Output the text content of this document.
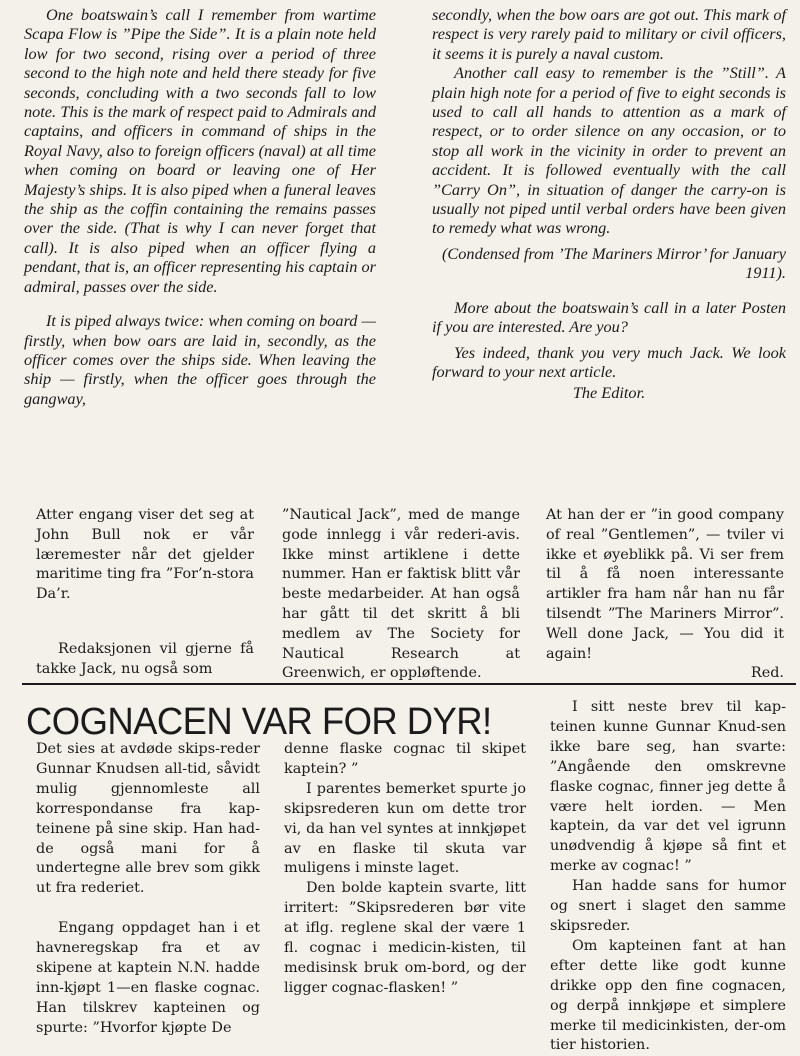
One boatswain’s call I remember from wartime Scapa Flow is ”Pipe the Side”. It is a plain note held low for two second, rising over a period of three second to the high note and held there steady for five seconds, concluding with a two seconds fall to low note. This is the mark of respect paid to Admirals and captains, and officers in command of ships in the Royal Navy, also to foreign officers (naval) at all time when coming on board or leaving one of Her Majesty’s ships. It is also piped when a funeral leaves the ship as the coffin containing the remains passes over the side. (That is why I can never forget that call). It is also piped when an officer flying a pendant, that is, an officer representing his captain or admiral, passes over the side.

It is piped always twice: when coming on board — firstly, when bow oars are laid in, secondly, as the officer comes over the ships side. When leaving the ship — firstly, when the officer goes through the gangway,

secondly, when the bow oars are got out. This mark of respect is very rarely paid to military or civil officers, it seems it is purely a naval custom.

Another call easy to remember is the ”Still”. A plain high note for a period of five to eight seconds is used to call all hands to attention as a mark of respect, or to order silence on any occasion, or to stop all work in the vicinity in order to prevent an accident. It is followed eventually with the call ”Carry On”, in situation of danger the carry-on is usually not piped until verbal orders have been given to remedy what was wrong.

(Condensed from ’The Mariners Mirror’ for January 1911).

More about the boatswain’s call in a later Posten if you are interested. Are you?

Yes indeed, thank you very much Jack. We look forward to your next article.

The Editor.

Atter engang viser det seg at John Bull nok er vår læremester når det gjelder maritime ting fra ”For’n-stora Da’r.

Redaksjonen vil gjerne få takke Jack, nu også som

”Nautical Jack”, med de mange gode innlegg i vår rederi-avis. Ikke minst artiklene i dette nummer. Han er faktisk blitt vår beste medarbeider. At han også har gått til det skritt å bli medlem av The Society for Nautical Research at Greenwich, er oppløftende.

At han der er ”in good company of real ”Gentlemen”, — tviler vi ikke et øyeblikk på. Vi ser frem til å få noen interessante artikler fra ham når han nu får tilsendt ”The Mariners Mirror”. Well done Jack, — You did it again!

Red.

COGNACEN VAR FOR DYR!

Det sies at avdøde skips-reder Gunnar Knudsen all-tid, såvidt mulig gjennomleste all korrespondanse fra kap-teinene på sine skip. Han had-de også mani for å undertegne alle brev som gikk ut fra rederiet.

Engang oppdaget han i et havneregskap fra et av skipene at kaptein N.N. hadde inn-kjøpt 1—en flaske cognac. Han tilskrev kapteinen og spurte: ”Hvorfor kjøpte De

denne flaske cognac til skipet kaptein? ”

I parentes bemerket spurte jo skipsrederen kun om dette tror vi, da han vel syntes at innkjøpet av en flaske til skuta var muligens i minste laget.

Den bolde kaptein svarte, litt irritert: ”Skipsrederen bør vite at iflg. reglene skal der være 1 fl. cognac i medicin-kisten, til medisinsk bruk om-bord, og der ligger cognac-flasken! ”

I sitt neste brev til kap-teinen kunne Gunnar Knud-sen ikke bare seg, han svarte: ”Angående den omskrevne flaske cognac, finner jeg dette å være helt iorden. — Men kaptein, da var det vel igrunn unødvendig å kjøpe så fint et merke av cognac! ”

Han hadde sans for humor og snert i slaget den samme skipsreder.

Om kapteinen fant at han efter dette like godt kunne drikke opp den fine cognacen, og derpå innkjøpe et simplere merke til medicinkisten, der-om tier historien.
